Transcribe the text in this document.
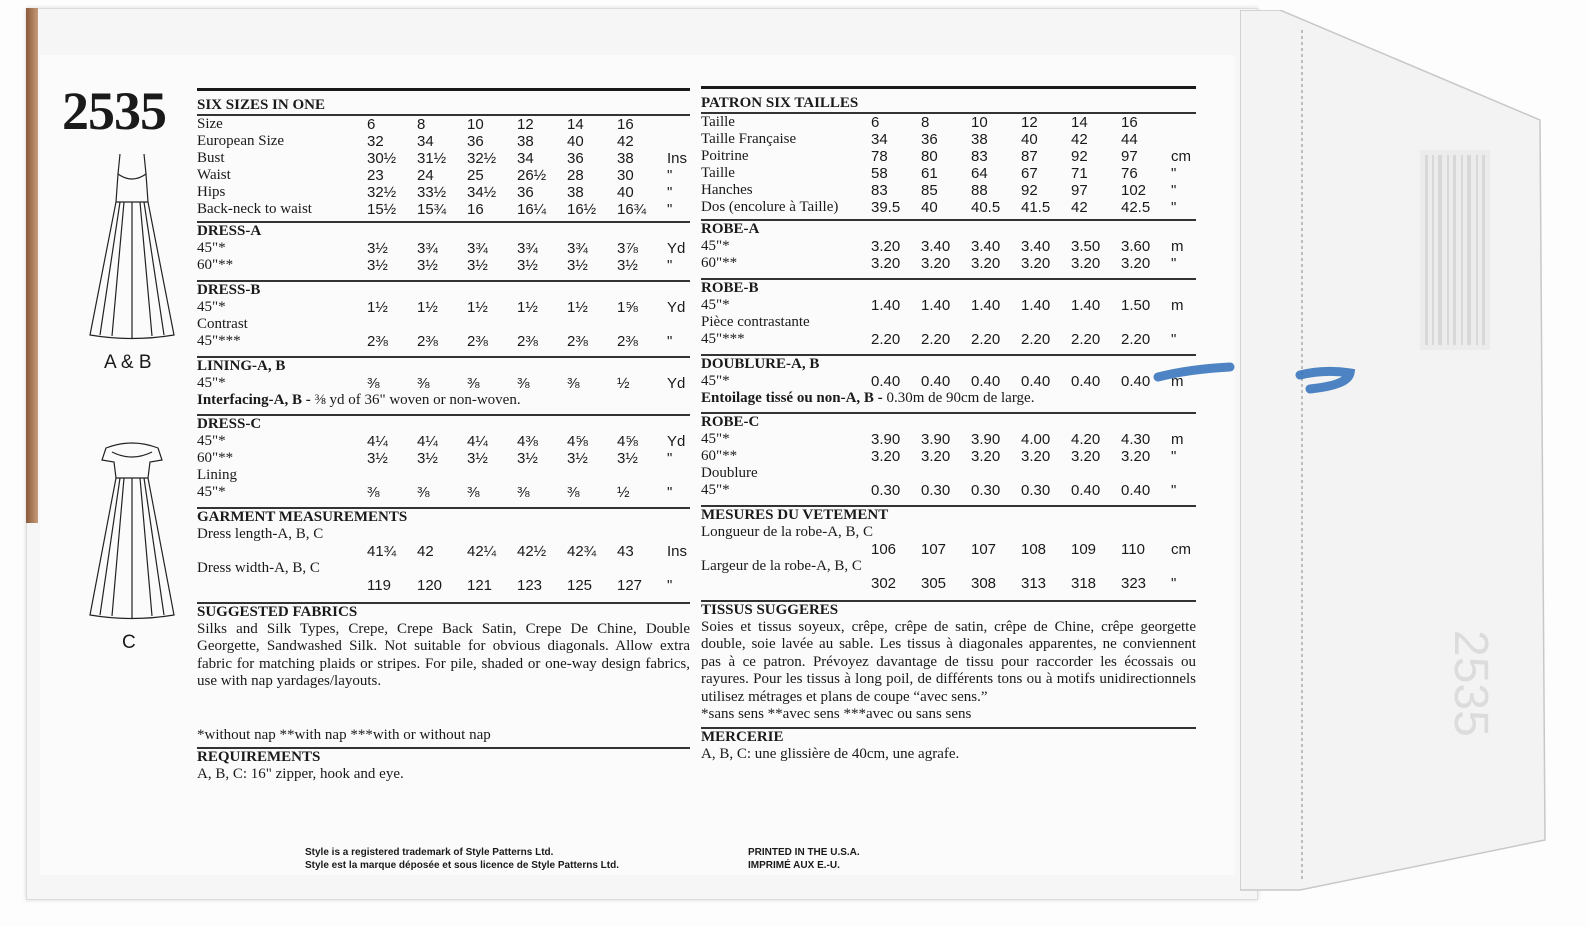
2535
2535
A & B
C
SIX SIZES IN ONE
Size	6	8	10	12	14	16
European Size	32	34	36	38	40	42
Bust	30½	31½	32½	34	36	38	Ins
Waist	23	24	25	26½	28	30	"
Hips	32½	33½	34½	36	38	40	"
Back-neck to waist	15½	15¾	16	16¼	16½	16¾	"
DRESS-A
45"*	3½	3¾	3¾	3¾	3¾	3⅞	Yd
60"**	3½	3½	3½	3½	3½	3½	"
DRESS-B
45"*	1½	1½	1½	1½	1½	1⅝	Yd
Contrast
45"***	2⅜	2⅜	2⅜	2⅜	2⅜	2⅜	"
LINING-A, B
45"*	⅜	⅜	⅜	⅜	⅜	½	Yd
Interfacing-A, B - ⅜ yd of 36" woven or non-woven.
DRESS-C
45"*	4¼	4¼	4¼	4⅜	4⅝	4⅝	Yd
60"**	3½	3½	3½	3½	3½	3½	"
Lining
45"*	⅜	⅜	⅜	⅜	⅜	½	"
GARMENT MEASUREMENTS
Dress length-A, B, C
41¾	42	42¼	42½	42¾	43	Ins
Dress width-A, B, C
119	120	121	123	125	127	"
SUGGESTED FABRICS
Silks and Silk Types, Crepe, Crepe Back Satin, Crepe De Chine, Double Georgette, Sandwashed Silk. Not suitable for obvious diagonals. Allow extra fabric for matching plaids or stripes. For pile, shaded or one-way design fabrics, use with nap yardages/layouts.
*without nap **with nap ***with or without nap
REQUIREMENTS
A, B, C: 16" zipper, hook and eye.
PATRON SIX TAILLES
Taille	6	8	10	12	14	16
Taille Française	34	36	38	40	42	44
Poitrine	78	80	83	87	92	97	cm
Taille	58	61	64	67	71	76	"
Hanches	83	85	88	92	97	102	"
Dos (encolure à Taille) 39.5	40	40.5	41.5	42	42.5	"
ROBE-A
45"*	3.20	3.40	3.40	3.40	3.50	3.60	m
60"**	3.20	3.20	3.20	3.20	3.20	3.20	"
ROBE-B
45"*	1.40	1.40	1.40	1.40	1.40	1.50	m
Pièce contrastante
45"***	2.20	2.20	2.20	2.20	2.20	2.20	"
DOUBLURE-A, B
45"*	0.40	0.40	0.40	0.40	0.40	0.40	m
Entoilage tissé ou non-A, B - 0.30m de 90cm de large.
ROBE-C
45"*	3.90	3.90	3.90	4.00	4.20	4.30	m
60"**	3.20	3.20	3.20	3.20	3.20	3.20	"
Doublure
45"*	0.30	0.30	0.30	0.30	0.40	0.40	"
MESURES DU VETEMENT
Longueur de la robe-A, B, C
106	107	107	108	109	110	cm
Largeur de la robe-A, B, C
302	305	308	313	318	323	"
TISSUS SUGGERES
Soies et tissus soyeux, crêpe, crêpe de satin, crêpe de Chine, crêpe georgette double, soie lavée au sable. Les tissus à diagonales apparentes, ne conviennent pas à ce patron. Prévoyez davantage de tissu pour raccorder les écossais ou rayures. Pour les tissus à long poil, de différents tons ou à motifs unidirectionnels utilisez métrages et plans de coupe “avec sens.”
*sans sens **avec sens ***avec ou sans sens
MERCERIE
A, B, C: une glissière de 40cm, une agrafe.
Style is a registered trademark of Style Patterns Ltd.
Style est la marque déposée et sous licence de Style Patterns Ltd.
PRINTED IN THE U.S.A.
IMPRIMÉ AUX E.-U.
